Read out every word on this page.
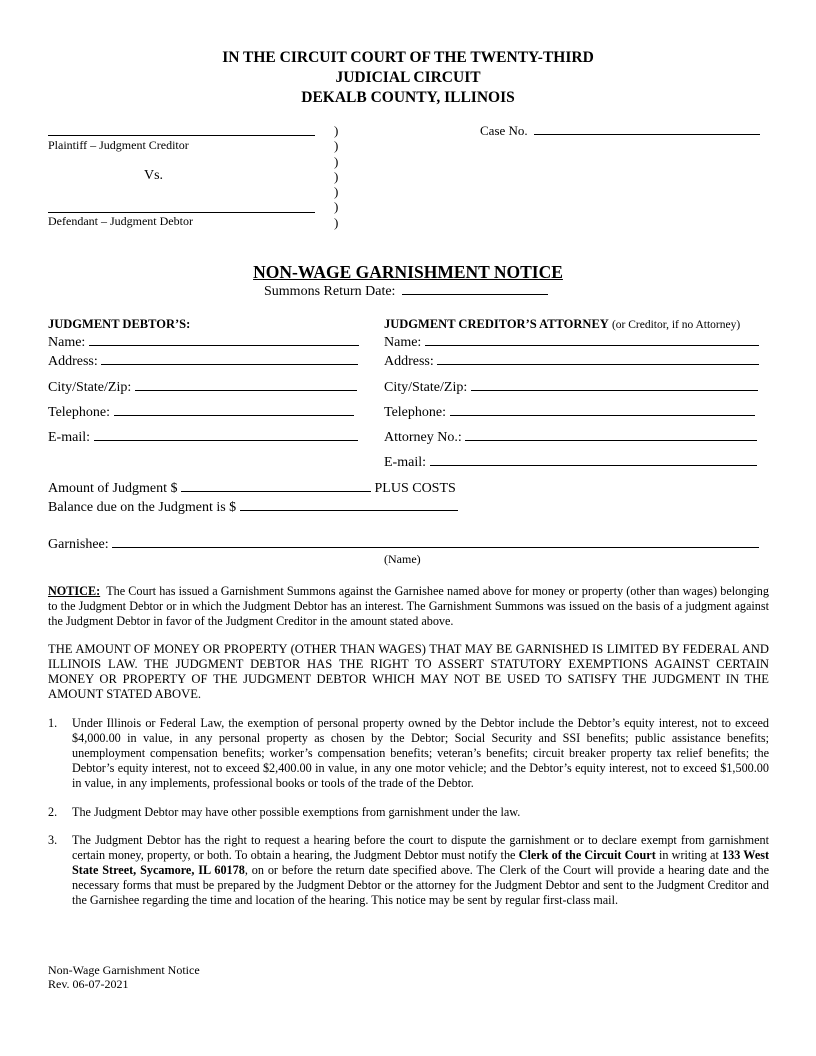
IN THE CIRCUIT COURT OF THE TWENTY-THIRD
JUDICIAL CIRCUIT
DEKALB COUNTY, ILLINOIS
Plaintiff – Judgment Creditor
Vs.
Defendant – Judgment Debtor
)
)
)
)
)
)
)
Case No.
NON-WAGE GARNISHMENT NOTICE
Summons Return Date:
JUDGMENT DEBTOR’S:
Name:
Address:
City/State/Zip:
Telephone:
E-mail:
JUDGMENT CREDITOR’S ATTORNEY (or Creditor, if no Attorney)
Name:
Address:
City/State/Zip:
Telephone:
Attorney No.:
E-mail:
Amount of Judgment $	PLUS COSTS
Balance due on the Judgment is $
Garnishee:
(Name)
NOTICE: The Court has issued a Garnishment Summons against the Garnishee named above for money or property (other than wages) belonging to the Judgment Debtor or in which the Judgment Debtor has an interest. The Garnishment Summons was issued on the basis of a judgment against the Judgment Debtor in favor of the Judgment Creditor in the amount stated above.
THE AMOUNT OF MONEY OR PROPERTY (OTHER THAN WAGES) THAT MAY BE GARNISHED IS LIMITED BY FEDERAL AND ILLINOIS LAW. THE JUDGMENT DEBTOR HAS THE RIGHT TO ASSERT STATUTORY EXEMPTIONS AGAINST CERTAIN MONEY OR PROPERTY OF THE JUDGMENT DEBTOR WHICH MAY NOT BE USED TO SATISFY THE JUDGMENT IN THE AMOUNT STATED ABOVE.
1. Under Illinois or Federal Law, the exemption of personal property owned by the Debtor include the Debtor’s equity interest, not to exceed $4,000.00 in value, in any personal property as chosen by the Debtor; Social Security and SSI benefits; public assistance benefits; unemployment compensation benefits; worker’s compensation benefits; veteran’s benefits; circuit breaker property tax relief benefits; the Debtor’s equity interest, not to exceed $2,400.00 in value, in any one motor vehicle; and the Debtor’s equity interest, not to exceed $1,500.00 in value, in any implements, professional books or tools of the trade of the Debtor.
2. The Judgment Debtor may have other possible exemptions from garnishment under the law.
3. The Judgment Debtor has the right to request a hearing before the court to dispute the garnishment or to declare exempt from garnishment certain money, property, or both. To obtain a hearing, the Judgment Debtor must notify the Clerk of the Circuit Court in writing at 133 West State Street, Sycamore, IL 60178, on or before the return date specified above. The Clerk of the Court will provide a hearing date and the necessary forms that must be prepared by the Judgment Debtor or the attorney for the Judgment Debtor and sent to the Judgment Creditor and the Garnishee regarding the time and location of the hearing. This notice may be sent by regular first-class mail.
Non-Wage Garnishment Notice
Rev. 06-07-2021
